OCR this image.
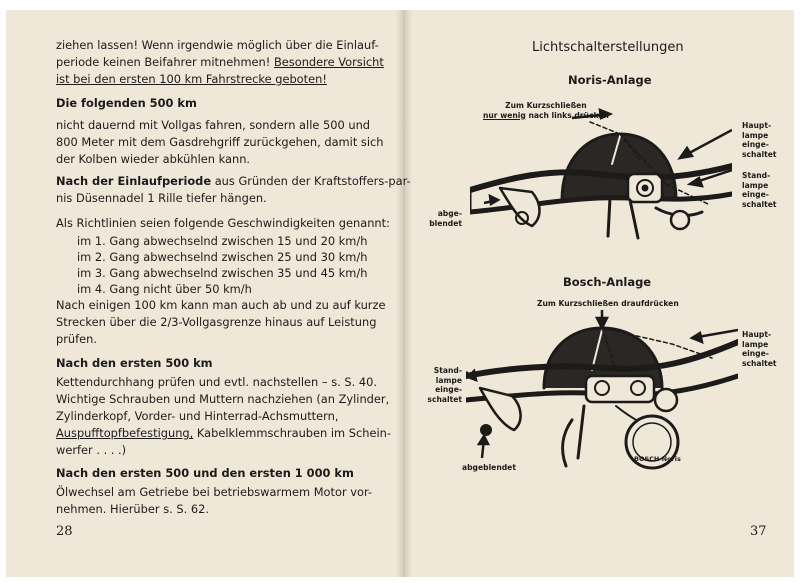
ziehen lassen! Wenn irgendwie möglich über die Einlauf-
periode keinen Beifahrer mitnehmen! Besondere Vorsicht
ist bei den ersten 100 km Fahrstrecke geboten!
Die folgenden 500 km
nicht dauernd mit Vollgas fahren, sondern alle 500 und
800 Meter mit dem Gasdrehgriff zurückgehen, damit sich
der Kolben wieder abkühlen kann.
Nach der Einlaufperiode aus Gründen der Kraftstoffers-par-
nis Düsennadel 1 Rille tiefer hängen.
Als Richtlinien seien folgende Geschwindigkeiten genannt:
im 1. Gang abwechselnd zwischen 15 und 20 km/h
im 2. Gang abwechselnd zwischen 25 und 30 km/h
im 3. Gang abwechselnd zwischen 35 und 45 km/h
im 4. Gang nicht über 50 km/h
Nach einigen 100 km kann man auch ab und zu auf kurze
Strecken über die 2/3-Vollgasgrenze hinaus auf Leistung
prüfen.
Nach den ersten 500 km
Kettendurchhang prüfen und evtl. nachstellen – s. S. 40.
Wichtige Schrauben und Muttern nachziehen (an Zylinder,
Zylinderkopf, Vorder- und Hinterrad-Achsmuttern,
Auspufftopfbefestigung, Kabelklemmschrauben im Schein-
werfer . . . .)
Nach den ersten 500 und den ersten 1 000 km
Ölwechsel am Getriebe bei betriebswarmem Motor vor-
nehmen. Hierüber s. S. 62.
28
Lichtschalterstellungen
Noris-Anlage
Zum Kurzschließen
nur wenig nach links drücken
Haupt-
lampe
einge-
schaltet
Stand-
lampe
einge-
schaltet
abge-
blendet
Bosch-Anlage
Zum Kurzschließen draufdrücken
BOSCH Noris
Haupt-
lampe
einge-
schaltet
Stand-
lampe
einge-
schaltet
abgeblendet
37
